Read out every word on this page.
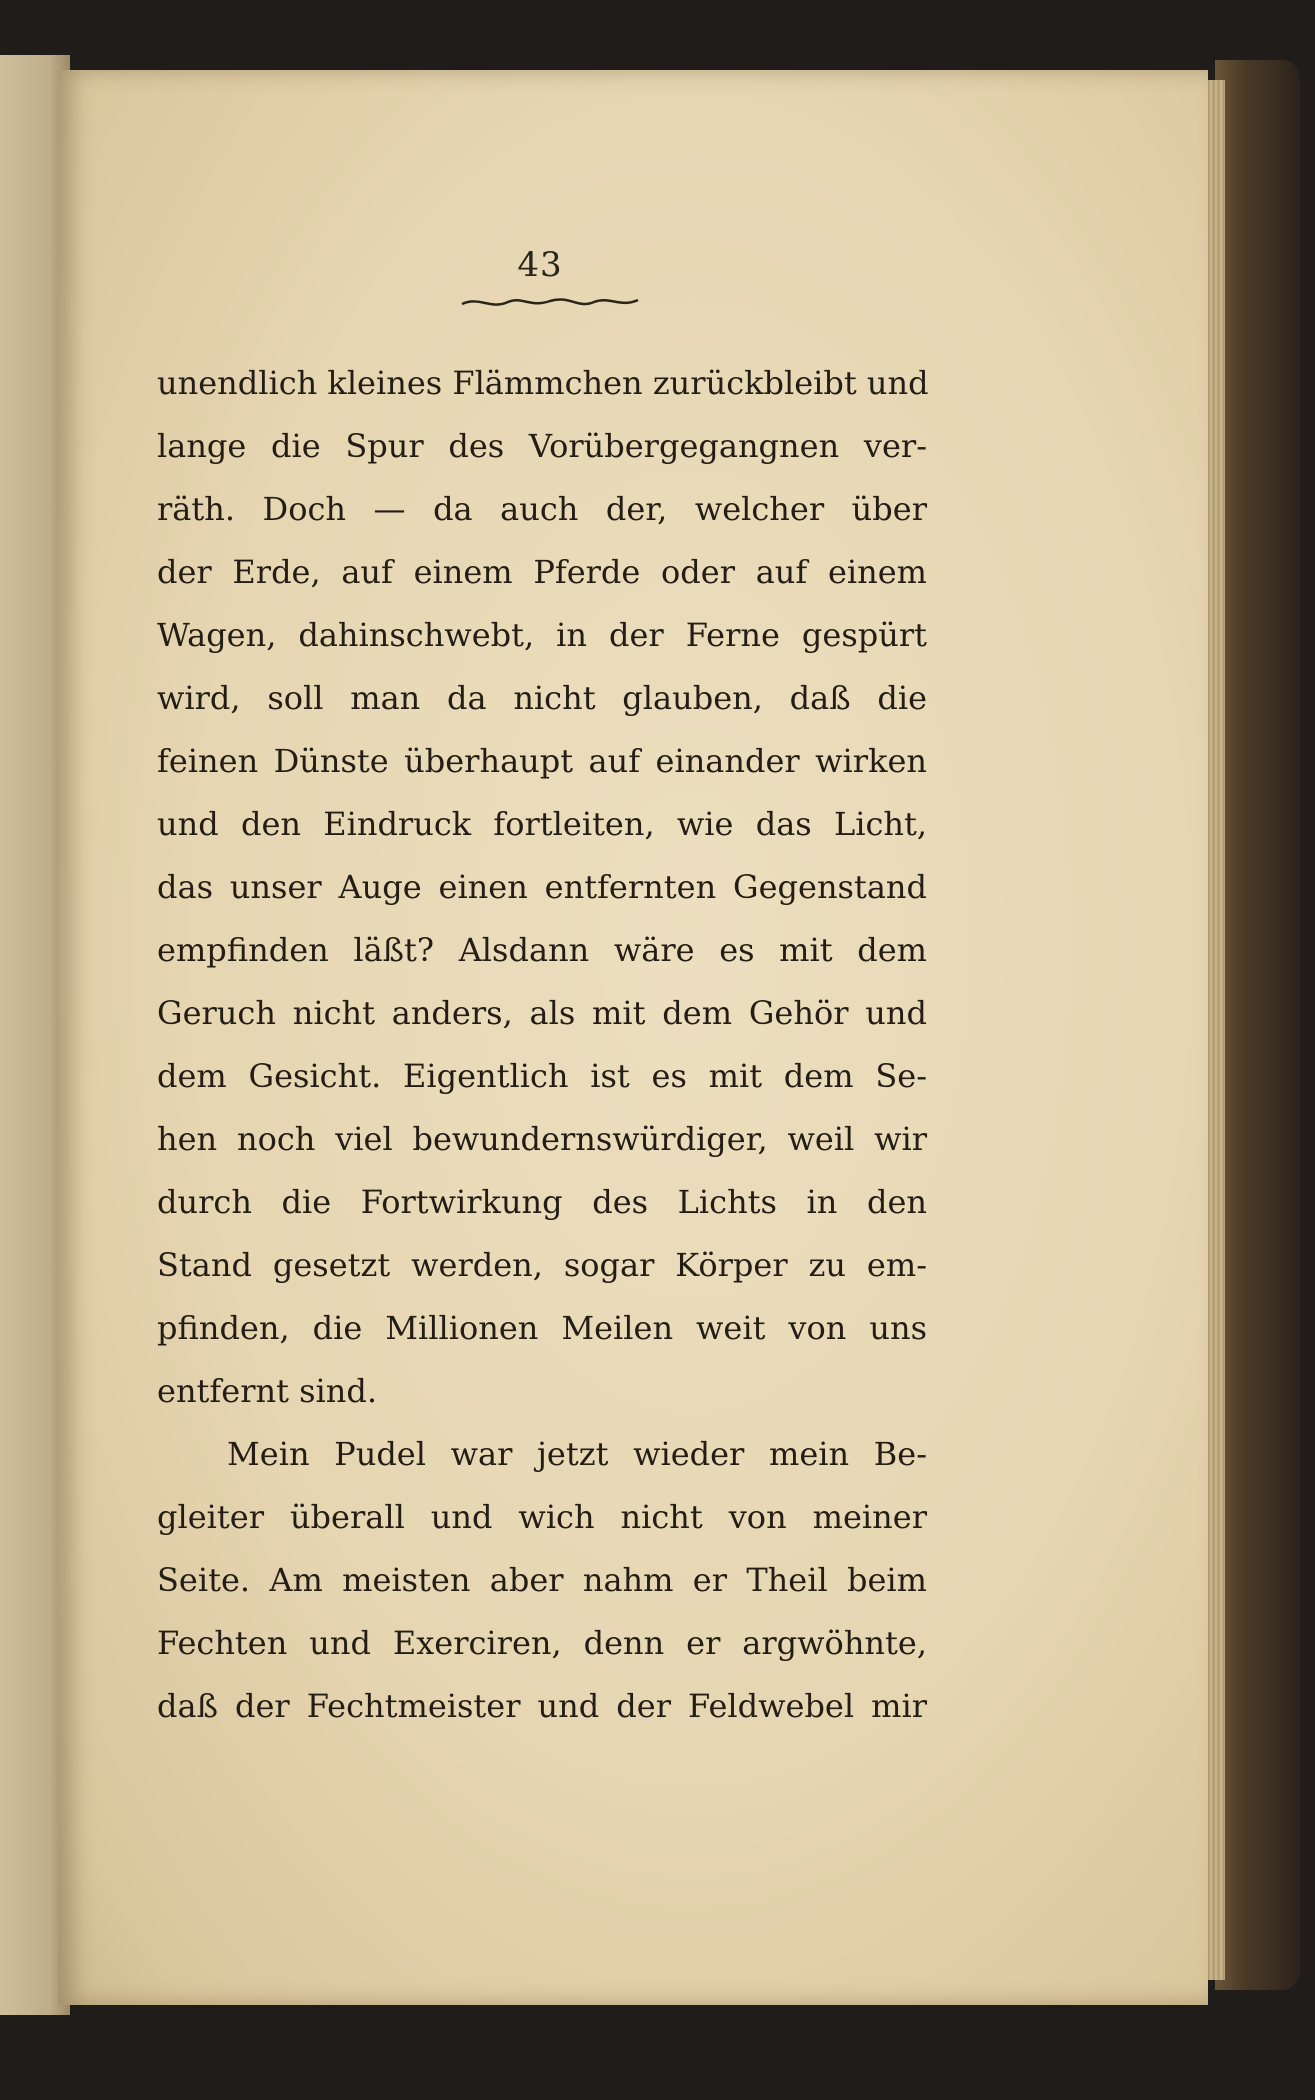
43
unendlich kleines Flämmchen zurückbleibt und
lange die Spur des Vorübergegangnen ver-
räth. Doch — da auch der, welcher über
der Erde, auf einem Pferde oder auf einem
Wagen, dahinschwebt, in der Ferne gespürt
wird, soll man da nicht glauben, daß die
feinen Dünste überhaupt auf einander wirken
und den Eindruck fortleiten, wie das Licht,
das unser Auge einen entfernten Gegenstand
empfinden läßt? Alsdann wäre es mit dem
Geruch nicht anders, als mit dem Gehör und
dem Gesicht. Eigentlich ist es mit dem Se-
hen noch viel bewundernswürdiger, weil wir
durch die Fortwirkung des Lichts in den
Stand gesetzt werden, sogar Körper zu em-
pfinden, die Millionen Meilen weit von uns
entfernt sind.
Mein Pudel war jetzt wieder mein Be-
gleiter überall und wich nicht von meiner
Seite. Am meisten aber nahm er Theil beim
Fechten und Exerciren, denn er argwöhnte,
daß der Fechtmeister und der Feldwebel mir
